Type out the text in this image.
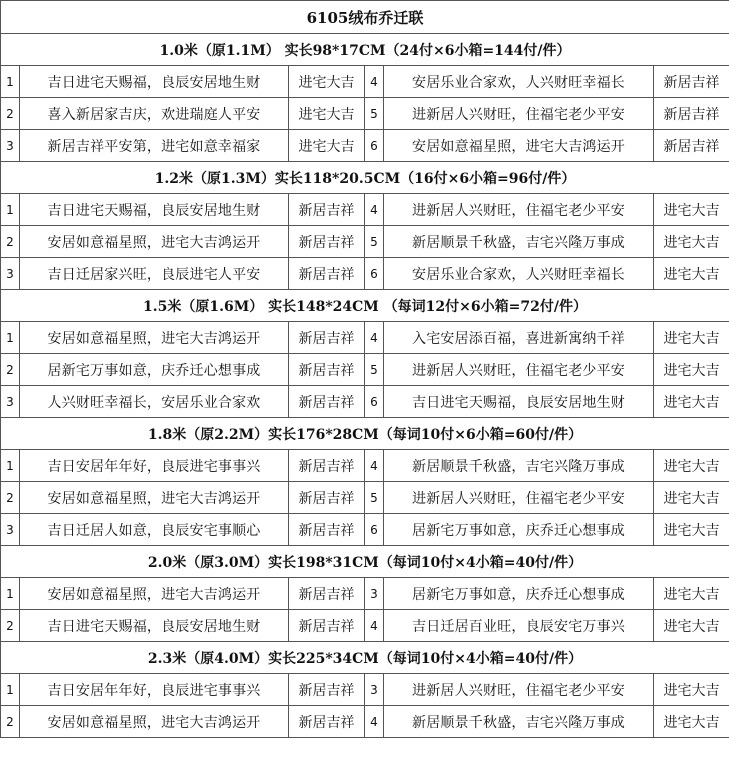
6105绒布乔迁联					
1.0米（原1.1M） 实长98*17CM（24付×6小箱=144付/件）					
1	吉日进宅天赐福，良辰安居地生财	进宅大吉	4	安居乐业合家欢，人兴财旺幸福长	新居吉祥
2	喜入新居家吉庆，欢进瑞庭人平安	进宅大吉	5	进新居人兴财旺，住福宅老少平安	新居吉祥
3	新居吉祥平安第，进宅如意幸福家	进宅大吉	6	安居如意福星照，进宅大吉鸿运开	新居吉祥
1.2米（原1.3M）实长118*20.5CM（16付×6小箱=96付/件）					
1	吉日进宅天赐福，良辰安居地生财	新居吉祥	4	进新居人兴财旺，住福宅老少平安	进宅大吉
2	安居如意福星照，进宅大吉鸿运开	新居吉祥	5	新居顺景千秋盛，吉宅兴隆万事成	进宅大吉
3	吉日迁居家兴旺，良辰进宅人平安	新居吉祥	6	安居乐业合家欢，人兴财旺幸福长	进宅大吉
1.5米（原1.6M） 实长148*24CM （每词12付×6小箱=72付/件）					
1	安居如意福星照，进宅大吉鸿运开	新居吉祥	4	入宅安居添百福，喜进新寓纳千祥	进宅大吉
2	居新宅万事如意，庆乔迁心想事成	新居吉祥	5	进新居人兴财旺，住福宅老少平安	进宅大吉
3	人兴财旺幸福长，安居乐业合家欢	新居吉祥	6	吉日进宅天赐福，良辰安居地生财	进宅大吉
1.8米（原2.2M）实长176*28CM（每词10付×6小箱=60付/件）					
1	吉日安居年年好，良辰进宅事事兴	新居吉祥	4	新居顺景千秋盛，吉宅兴隆万事成	进宅大吉
2	安居如意福星照，进宅大吉鸿运开	新居吉祥	5	进新居人兴财旺，住福宅老少平安	进宅大吉
3	吉日迁居人如意，良辰安宅事顺心	新居吉祥	6	居新宅万事如意，庆乔迁心想事成	进宅大吉
2.0米（原3.0M）实长198*31CM（每词10付×4小箱=40付/件）					
1	安居如意福星照，进宅大吉鸿运开	新居吉祥	3	居新宅万事如意，庆乔迁心想事成	进宅大吉
2	吉日进宅天赐福，良辰安居地生财	新居吉祥	4	吉日迁居百业旺，良辰安宅万事兴	进宅大吉
2.3米（原4.0M）实长225*34CM（每词10付×4小箱=40付/件）					
1	吉日安居年年好，良辰进宅事事兴	新居吉祥	3	进新居人兴财旺，住福宅老少平安	进宅大吉
2	安居如意福星照，进宅大吉鸿运开	新居吉祥	4	新居顺景千秋盛，吉宅兴隆万事成	进宅大吉
